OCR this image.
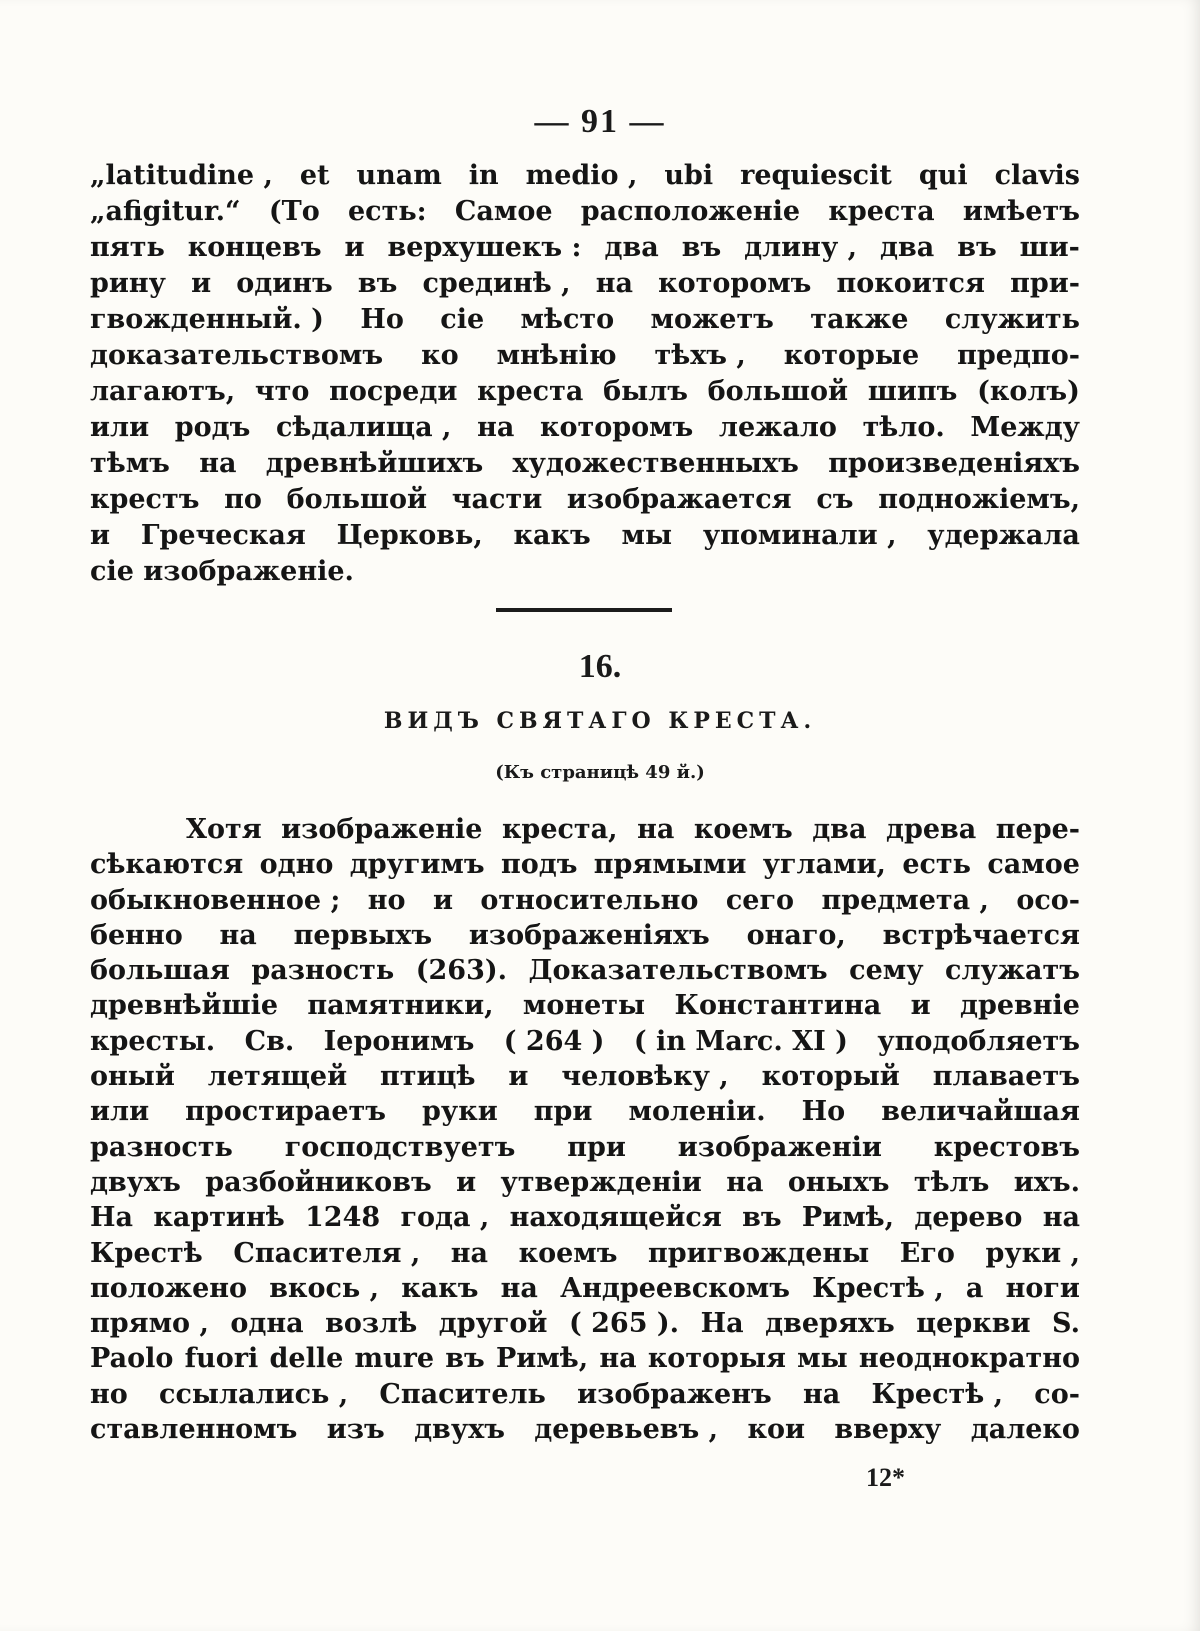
— 91 —
„latitudine , et unam in medio , ubi requiescit qui clavis
„afigitur.“ (То есть: Самое расположеніе креста имѣетъ
пять концевъ и верхушекъ : два въ длину , два въ ши-
рину и одинъ въ срединѣ , на которомъ покоится при-
гвожденный. ) Но сіе мѣсто можетъ также служить
доказательствомъ ко мнѣнію тѣхъ , которые предпо-
лагаютъ, что посреди креста былъ большой шипъ (колъ)
или родъ сѣдалища , на которомъ лежало тѣло. Между
тѣмъ на древнѣйшихъ художественныхъ произведеніяхъ
крестъ по большой части изображается съ подножіемъ,
и Греческая Церковь, какъ мы упоминали , удержала
сіе изображеніе.
16.
ВИДЪ СВЯТАГО КРЕСТА.
(Къ страницѣ 49 й.)
Хотя изображеніе креста, на коемъ два древа пере-
сѣкаются одно другимъ подъ прямыми углами, есть самое
обыкновенное ; но и относительно сего предмета , осо-
бенно на первыхъ изображеніяхъ онаго, встрѣчается
большая разность (263). Доказательствомъ сему служатъ
древнѣйшіе памятники, монеты Константина и древніе
кресты. Св. Іеронимъ ( 264 ) ( in Marc. XI ) уподобляетъ
оный летящей птицѣ и человѣку , который плаваетъ
или простираетъ руки при моленіи. Но величайшая
разность господствуетъ при изображеніи крестовъ
двухъ разбойниковъ и утвержденіи на оныхъ тѣлъ ихъ.
На картинѣ 1248 года , находящейся въ Римѣ, дерево на
Крестѣ Спасителя , на коемъ пригвождены Его руки ,
положено вкось , какъ на Андреевскомъ Крестѣ , а ноги
прямо , одна возлѣ другой ( 265 ). На дверяхъ церкви S.
Paolo fuori delle mure въ Римѣ, на которыя мы неоднократно
но ссылались , Спаситель изображенъ на Крестѣ , со-
ставленномъ изъ двухъ деревьевъ , кои вверху далеко
12*
